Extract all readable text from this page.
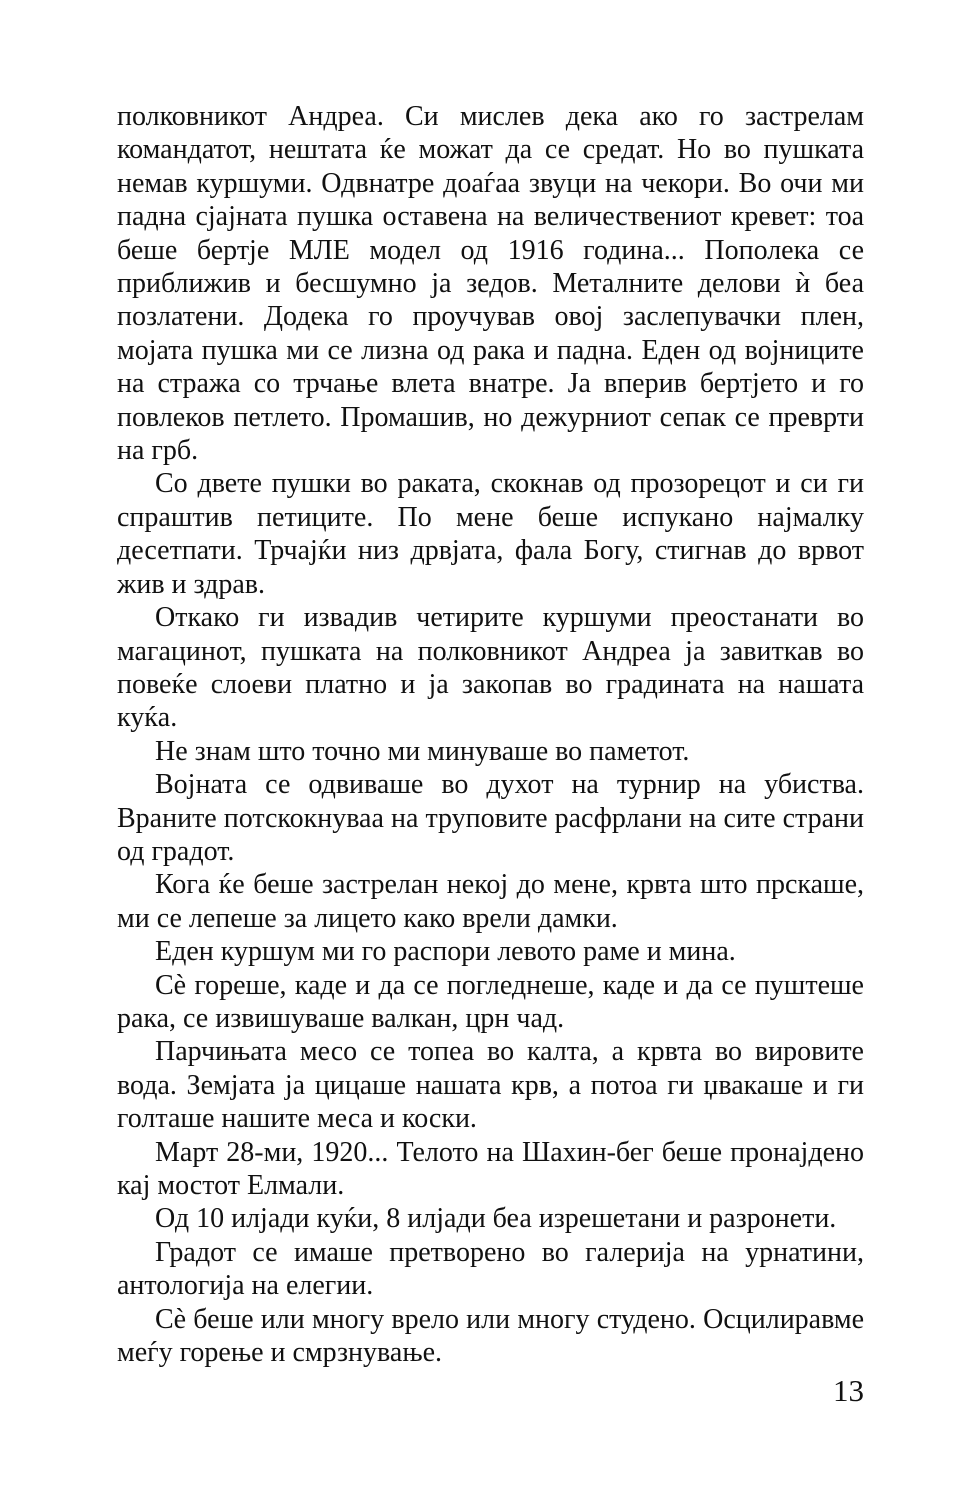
полковникот Андреа. Си мислев дека ако го застрелам командатот, нештата ќе можат да се средат. Но во пушката немав куршуми. Одвнатре доаѓаа звуци на чекори. Во очи ми падна сјајната пушка оставена на величествениот кревет: тоа беше бертје МЛЕ модел од 1916 година... Пополека се приближив и бесшумно ја зедов. Металните делови ѝ беа позлатени. Додека го проучував овој заслепувачки плен, мојата пушка ми се лизна од рака и падна. Еден од војниците на стража со трчање влета внатре. Ја вперив бертјето и го повлеков петлето. Промашив, но дежурниот сепак се преврти на грб.

Со двете пушки во раката, скокнав од прозорецот и си ги спраштив петиците. По мене беше испукано најмалку десетпати. Трчајќи низ дрвјата, фала Богу, стигнав до врвот жив и здрав.

Откако ги извадив четирите куршуми преостанати во магацинот, пушката на полковникот Андреа ја завиткав во повеќе слоеви платно и ја закопав во градината на нашата куќа.

Не знам што точно ми минуваше во паметот.

Војната се одвиваше во духот на турнир на убиства. Враните потскокнуваа на труповите расфрлани на сите страни од градот.

Кога ќе беше застрелан некој до мене, крвта што прскаше, ми се лепеше за лицето како врели дамки.

Еден куршум ми го распори левото раме и мина.

Сѐ гореше, каде и да се погледнеше, каде и да се пуштеше рака, се извишуваше валкан, црн чад.

Парчињата месо се топеа во калта, а крвта во вировите вода. Земјата ја цицаше нашата крв, а потоа ги џвакаше и ги голташе нашите меса и коски.

Март 28-ми, 1920... Телото на Шахин-бег беше пронајдено кај мостот Елмали.

Од 10 илјади куќи, 8 илјади беа изрешетани и разронети.

Градот се имаше претворено во галерија на урнатини, антологија на елегии.

Сѐ беше или многу врело или многу студено. Осцилиравме меѓу горење и смрзнување.

13
